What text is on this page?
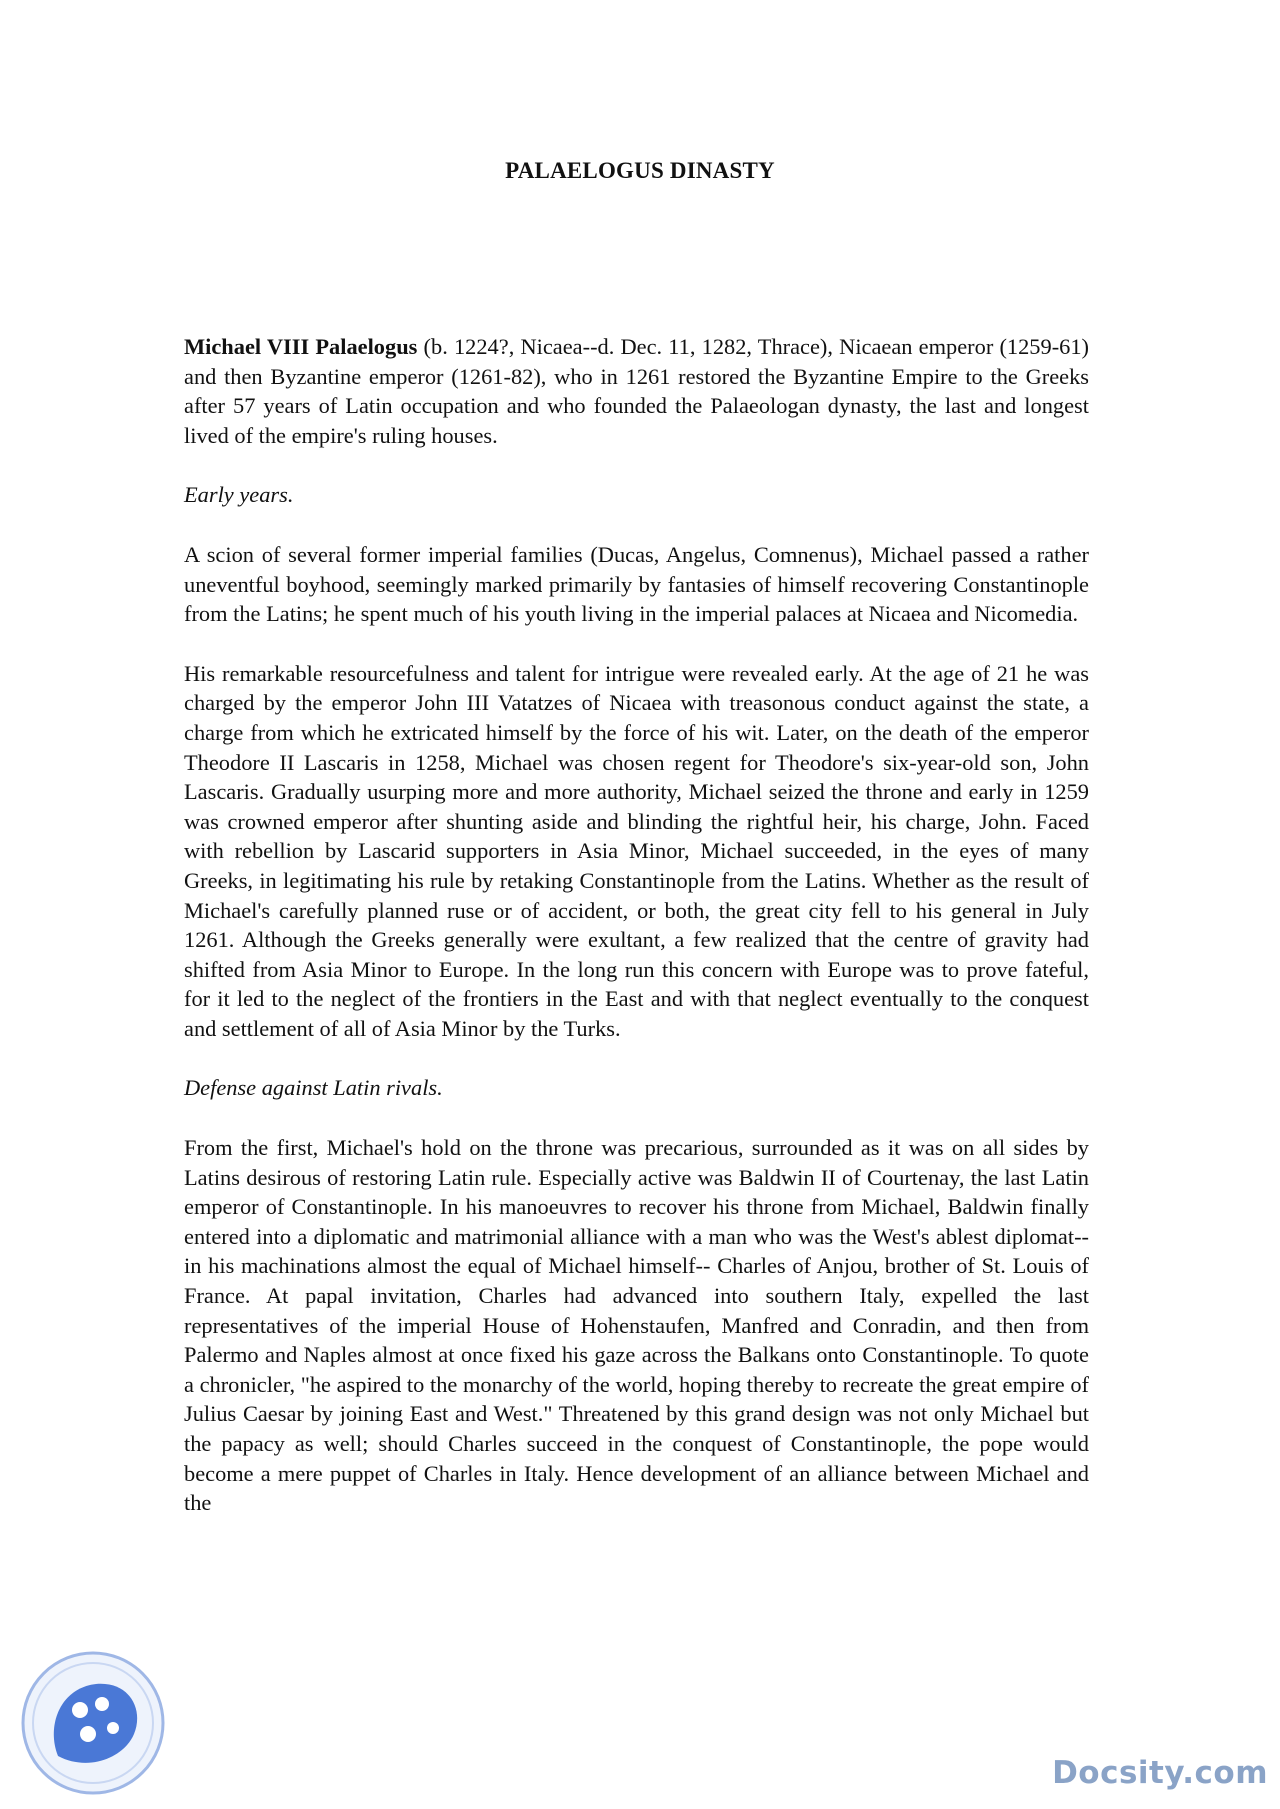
PALAELOGUS DINASTY

Michael VIII Palaelogus (b. 1224?, Nicaea--d. Dec. 11, 1282, Thrace), Nicaean emperor (1259-61) and then Byzantine emperor (1261-82), who in 1261 restored the Byzantine Empire to the Greeks after 57 years of Latin occupation and who founded the Palaeologan dynasty, the last and longest lived of the empire's ruling houses.

Early years.

A scion of several former imperial families (Ducas, Angelus, Comnenus), Michael passed a rather uneventful boyhood, seemingly marked primarily by fantasies of himself recovering Constantinople from the Latins; he spent much of his youth living in the imperial palaces at Nicaea and Nicomedia.

His remarkable resourcefulness and talent for intrigue were revealed early. At the age of 21 he was charged by the emperor John III Vatatzes of Nicaea with treasonous conduct against the state, a charge from which he extricated himself by the force of his wit. Later, on the death of the emperor Theodore II Lascaris in 1258, Michael was chosen regent for Theodore's six-year-old son, John Lascaris. Gradually usurping more and more authority, Michael seized the throne and early in 1259 was crowned emperor after shunting aside and blinding the rightful heir, his charge, John. Faced with rebellion by Lascarid supporters in Asia Minor, Michael succeeded, in the eyes of many Greeks, in legitimating his rule by retaking Constantinople from the Latins. Whether as the result of Michael's carefully planned ruse or of accident, or both, the great city fell to his general in July 1261. Although the Greeks generally were exultant, a few realized that the centre of gravity had shifted from Asia Minor to Europe. In the long run this concern with Europe was to prove fateful, for it led to the neglect of the frontiers in the East and with that neglect eventually to the conquest and settlement of all of Asia Minor by the Turks.

Defense against Latin rivals.

From the first, Michael's hold on the throne was precarious, surrounded as it was on all sides by Latins desirous of restoring Latin rule. Especially active was Baldwin II of Courtenay, the last Latin emperor of Constantinople. In his manoeuvres to recover his throne from Michael, Baldwin finally entered into a diplomatic and matrimonial alliance with a man who was the West's ablest diplomat--in his machinations almost the equal of Michael himself-- Charles of Anjou, brother of St. Louis of France. At papal invitation, Charles had advanced into southern Italy, expelled the last representatives of the imperial House of Hohenstaufen, Manfred and Conradin, and then from Palermo and Naples almost at once fixed his gaze across the Balkans onto Constantinople. To quote a chronicler, "he aspired to the monarchy of the world, hoping thereby to recreate the great empire of Julius Caesar by joining East and West." Threatened by this grand design was not only Michael but the papacy as well; should Charles succeed in the conquest of Constantinople, the pope would become a mere puppet of Charles in Italy. Hence development of an alliance between Michael and the

Docsity.com
